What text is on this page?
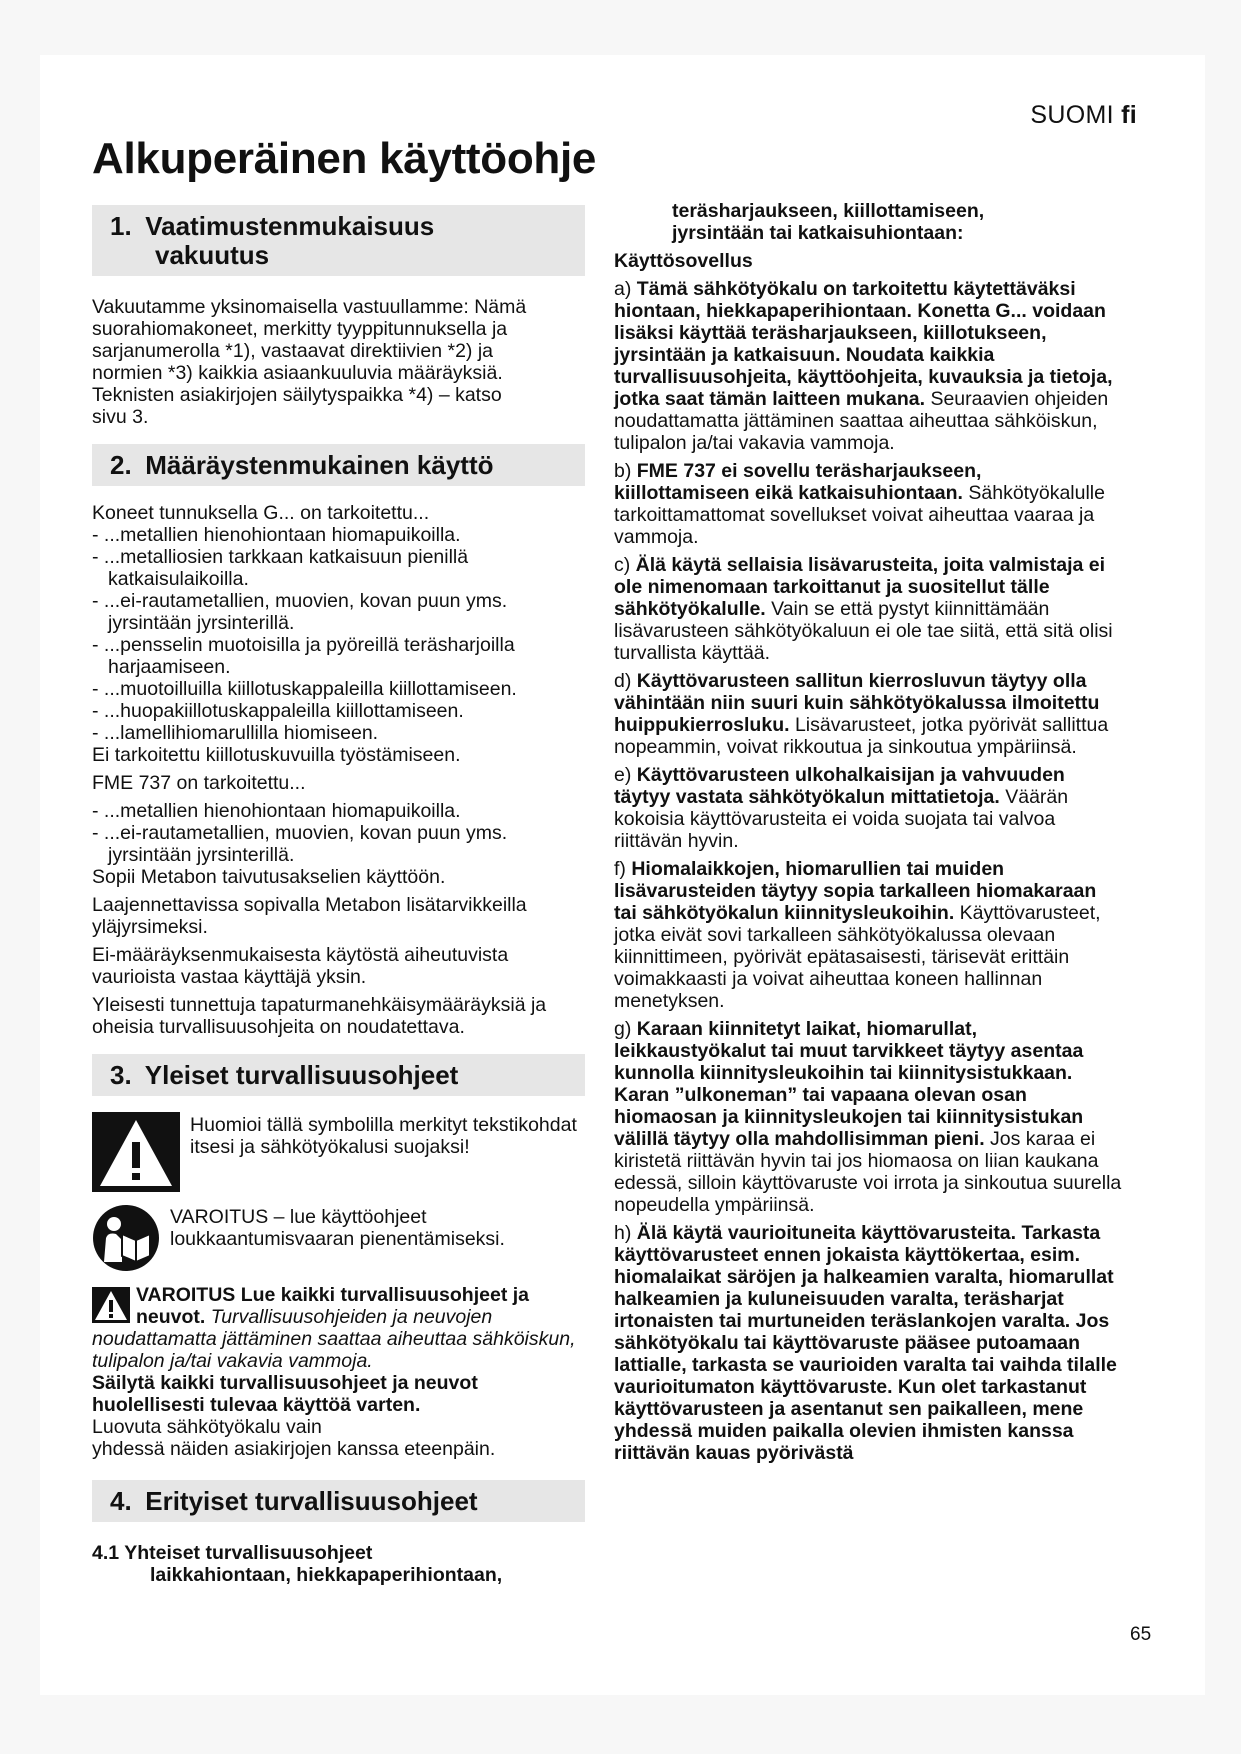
SUOMI fi
Alkuperäinen käyttöohje
1. Vaatimustenmukaisuus
vakuutus

Vakuutamme yksinomaisella vastuullamme: Nämä

suorahiomakoneet, merkitty tyyppitunnuksella ja

sarjanumerolla *1), vastaavat direktiivien *2) ja

normien *3) kaikkia asiaankuuluvia määräyksiä.

Teknisten asiakirjojen säilytyspaikka *4) – katso

sivu 3.

2. Määräystenmukainen käyttö

Koneet tunnuksella G... on tarkoitettu...

- ...metallien hienohiontaan hiomapuikoilla.

- ...metalliosien tarkkaan katkaisuun pienillä katkaisulaikoilla.

- ...ei-rautametallien, muovien, kovan puun yms. jyrsintään jyrsinterillä.

- ...pensselin muotoisilla ja pyöreillä teräsharjoilla harjaamiseen.

- ...muotoilluilla kiillotuskappaleilla kiillottamiseen.

- ...huopakiillotuskappaleilla kiillottamiseen.

- ...lamellihiomarullilla hiomiseen.

Ei tarkoitettu kiillotuskuvuilla työstämiseen.

FME 737 on tarkoitettu...

- ...metallien hienohiontaan hiomapuikoilla.

- ...ei-rautametallien, muovien, kovan puun yms. jyrsintään jyrsinterillä.

Sopii Metabon taivutusakselien käyttöön.

Laajennettavissa sopivalla Metabon lisätarvikkeilla yläjyrsimeksi.

Ei-määräyksenmukaisesta käytöstä aiheutuvista vaurioista vastaa käyttäjä yksin.

Yleisesti tunnettuja tapaturmanehkäisymääräyksiä ja oheisia turvallisuusohjeita on noudatettava.

3. Yleiset turvallisuusohjeet

Huomioi tällä symbolilla merkityt tekstikohdat itsesi ja sähkötyökalusi suojaksi!

VAROITUS – lue käyttöohjeet loukkaantumisvaaran pienentämiseksi.

VAROITUS Lue kaikki turvallisuusohjeet ja neuvot. Turvallisuusohjeiden ja neuvojen noudattamatta jättäminen saattaa aiheuttaa sähköiskun, tulipalon ja/tai vakavia vammoja.

Säilytä kaikki turvallisuusohjeet ja neuvot huolellisesti tulevaa käyttöä varten.

Luovuta sähkötyökalu vain

yhdessä näiden asiakirjojen kanssa eteenpäin.

4. Erityiset turvallisuusohjeet
4.1 Yhteiset turvallisuusohjeet
laikkahiontaan, hiekkapaperihiontaan,
teräsharjaukseen, kiillottamiseen,
jyrsintään tai katkaisuhiontaan:

Käyttösovellus

a) Tämä sähkötyökalu on tarkoitettu käytettäväksi hiontaan, hiekkapaperihiontaan. Konetta G... voidaan lisäksi käyttää teräsharjaukseen, kiillotukseen, jyrsintään ja katkaisuun. Noudata kaikkia turvallisuusohjeita, käyttöohjeita, kuvauksia ja tietoja, jotka saat tämän laitteen mukana. Seuraavien ohjeiden noudattamatta jättäminen saattaa aiheuttaa sähköiskun, tulipalon ja/tai vakavia vammoja.

b) FME 737 ei sovellu teräsharjaukseen, kiillottamiseen eikä katkaisuhiontaan. Sähkötyökalulle tarkoittamattomat sovellukset voivat aiheuttaa vaaraa ja vammoja.

c) Älä käytä sellaisia lisävarusteita, joita valmistaja ei ole nimenomaan tarkoittanut ja suositellut tälle sähkötyökalulle. Vain se että pystyt kiinnittämään lisävarusteen sähkötyökaluun ei ole tae siitä, että sitä olisi turvallista käyttää.

d) Käyttövarusteen sallitun kierrosluvun täytyy olla vähintään niin suuri kuin sähkötyökalussa ilmoitettu huippukierrosluku. Lisävarusteet, jotka pyörivät sallittua nopeammin, voivat rikkoutua ja sinkoutua ympäriinsä.

e) Käyttövarusteen ulkohalkaisijan ja vahvuuden täytyy vastata sähkötyökalun mittatietoja. Väärän kokoisia käyttövarusteita ei voida suojata tai valvoa riittävän hyvin.

f) Hiomalaikkojen, hiomarullien tai muiden lisävarusteiden täytyy sopia tarkalleen hiomakaraan tai sähkötyökalun kiinnitysleukoihin. Käyttövarusteet, jotka eivät sovi tarkalleen sähkötyökalussa olevaan kiinnittimeen, pyörivät epätasaisesti, tärisevät erittäin voimakkaasti ja voivat aiheuttaa koneen hallinnan menetyksen.

g) Karaan kiinnitetyt laikat, hiomarullat, leikkaustyökalut tai muut tarvikkeet täytyy asentaa kunnolla kiinnitysleukoihin tai kiinnitysistukkaan. Karan ”ulkoneman” tai vapaana olevan osan hiomaosan ja kiinnitysleukojen tai kiinnitysistukan välillä täytyy olla mahdollisimman pieni. Jos karaa ei kiristetä riittävän hyvin tai jos hiomaosa on liian kaukana edessä, silloin käyttövaruste voi irrota ja sinkoutua suurella nopeudella ympäriinsä.

h) Älä käytä vaurioituneita käyttövarusteita. Tarkasta käyttövarusteet ennen jokaista käyttökertaa, esim. hiomalaikat säröjen ja halkeamien varalta, hiomarullat halkeamien ja kuluneisuuden varalta, teräsharjat irtonaisten tai murtuneiden teräslankojen varalta. Jos sähkötyökalu tai käyttövaruste pääsee putoamaan lattialle, tarkasta se vaurioiden varalta tai vaihda tilalle vaurioitumaton käyttövaruste. Kun olet tarkastanut käyttövarusteen ja asentanut sen paikalleen, mene yhdessä muiden paikalla olevien ihmisten kanssa riittävän kauas pyörivästä

65
